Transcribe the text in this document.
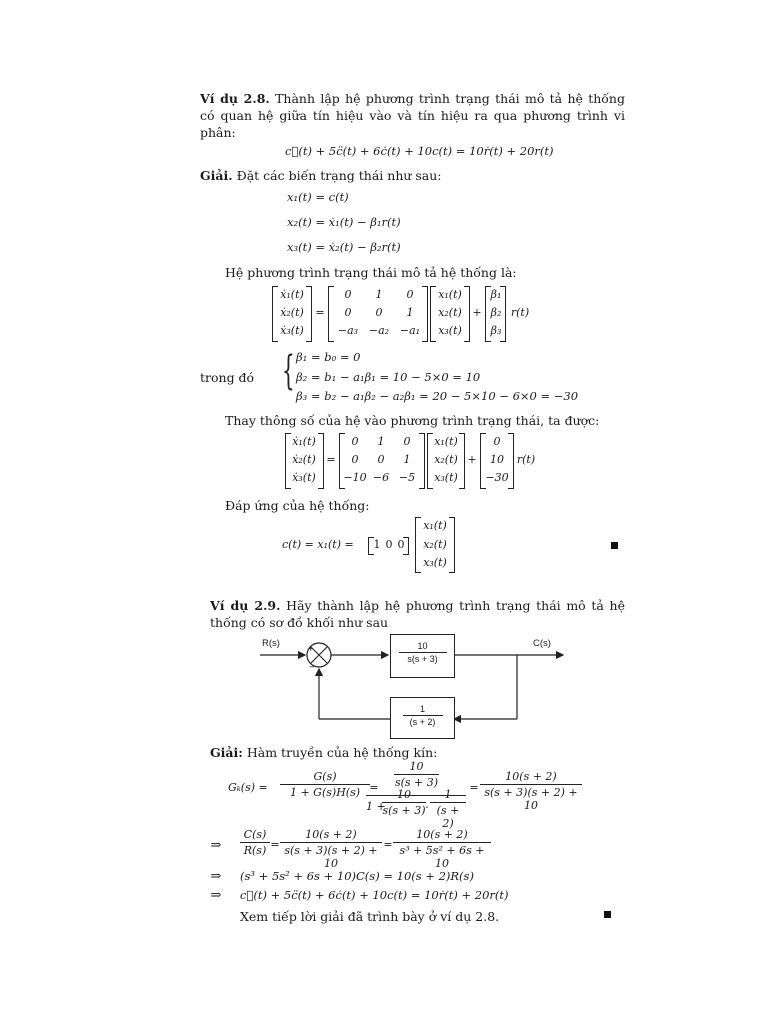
Ví dụ 2.8. Thành lập hệ phương trình trạng thái mô tả hệ thống có quan hệ giữa tín hiệu vào và tín hiệu ra qua phương trình vi phân:
c⃛(t) + 5c̈(t) + 6ċ(t) + 10c(t) = 10ṙ(t) + 20r(t)
Giải. Đặt các biến trạng thái như sau:
x₁(t) = c(t)
x₂(t) = ẋ₁(t) − β₁r(t)
x₃(t) = ẋ₂(t) − β₂r(t)
Hệ phương trình trạng thái mô tả hệ thống là:
ẋ₁(t)
ẋ₂(t)
ẋ₃(t)
=
0	1	0
0	0	1
−a₃ −a₂ −a₁
x₁(t)
x₂(t)
x₃(t)
+
β₁
β₂
β₃
r(t)
trong đó { β₁ = b₀ = 0
β₂ = b₁ − a₁β₁ = 10 − 5×0 = 10
β₃ = b₂ − a₁β₂ − a₂β₁ = 20 − 5×10 − 6×0 = −30
Thay thông số của hệ vào phương trình trạng thái, ta được:
ẋ₁(t)
ẋ₂(t)
ẋ₃(t)
=
0	1	0
0	0	1
−10 −6 −5
x₁(t)
x₂(t)
x₃(t)
+
0
10
−30
r(t)
Đáp ứng của hệ thống:
c(t) = x₁(t) =	1 0 0
x₁(t)
x₂(t)
x₃(t)
Ví dụ 2.9. Hãy thành lập hệ phương trình trạng thái mô tả hệ thống có sơ đồ khối như sau
R(s)	C(s)
+
−	$\frac{10}{s(s + 3)}$
$\frac{1}{(s + 2)}$
Giải: Hàm truyền của hệ thống kín:
Gₖ(s) =	$\frac{G(s)}{1 + G(s)H(s)} = \frac{10}{s(s + 3)}$
1 +
$\frac{10}{s(s + 3)}$ . $\frac{1}{(s + 2)}$
= $\frac{10(s + 2)}{s(s + 3)(s + 2) + 10}$
⇒ $\frac{C(s)}{R(s)} = \frac{10(s + 2)}{s(s + 3)(s + 2) + 10} = \frac{10(s + 2)}{\text{s³ + 5s² + 6s + 10}}$
⇒ (s³ + 5s² + 6s + 10)C(s) = 10(s + 2)R(s)
⇒ c⃛(t) + 5c̈(t) + 6ċ(t) + 10c(t) = 10ṙ(t) + 20r(t)
Xem tiếp lời giải đã trình bày ở ví dụ 2.8.
